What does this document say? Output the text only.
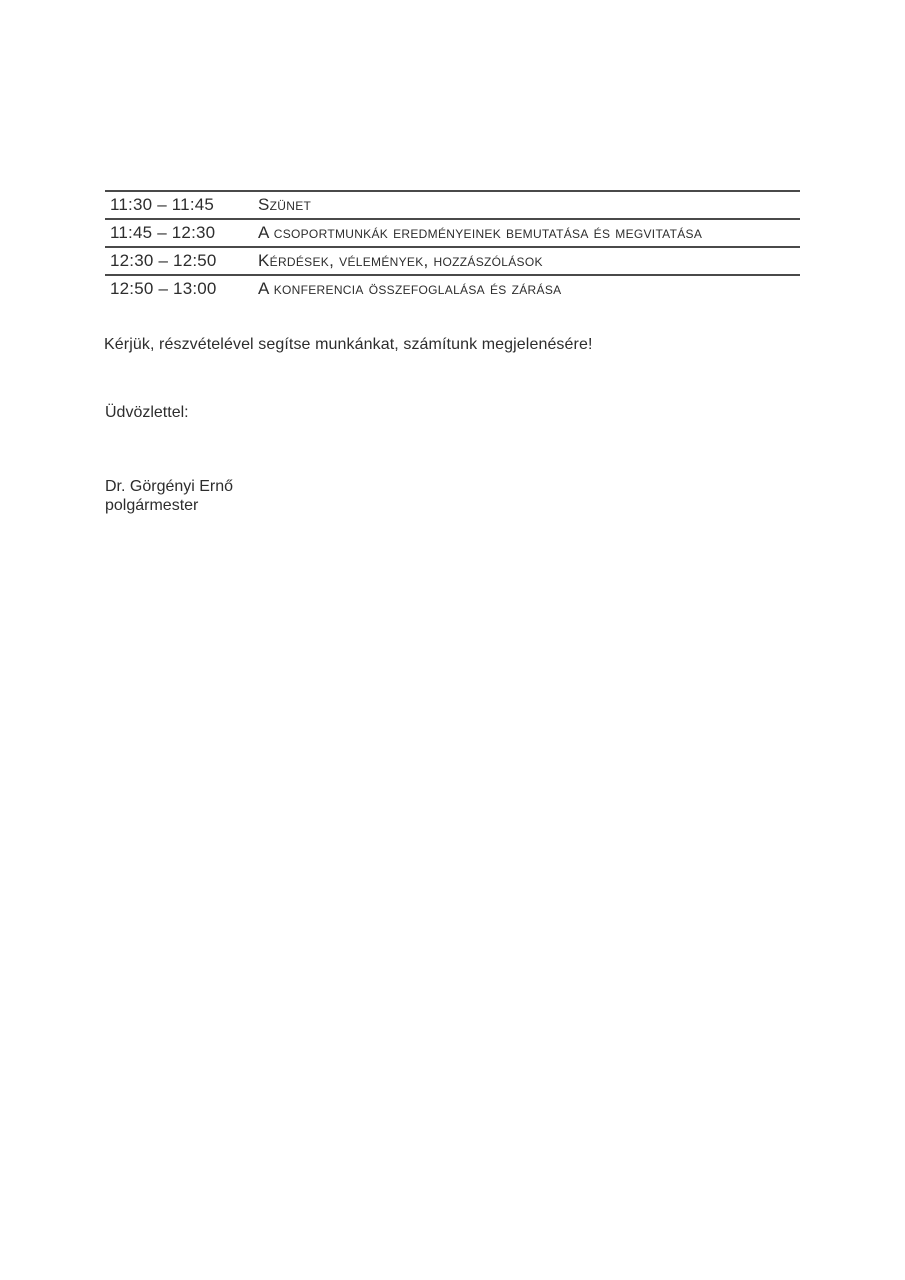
11:30 – 11:45	Szünet
11:45 – 12:30	A csoportmunkák eredményeinek bemutatása és megvitatása
12:30 – 12:50	Kérdések, vélemények, hozzászólások
12:50 – 13:00	A konferencia összefoglalása és zárása

Kérjük, részvételével segítse munkánkat, számítunk megjelenésére!

Üdvözlettel:

Dr. Görgényi Ernő
polgármester
